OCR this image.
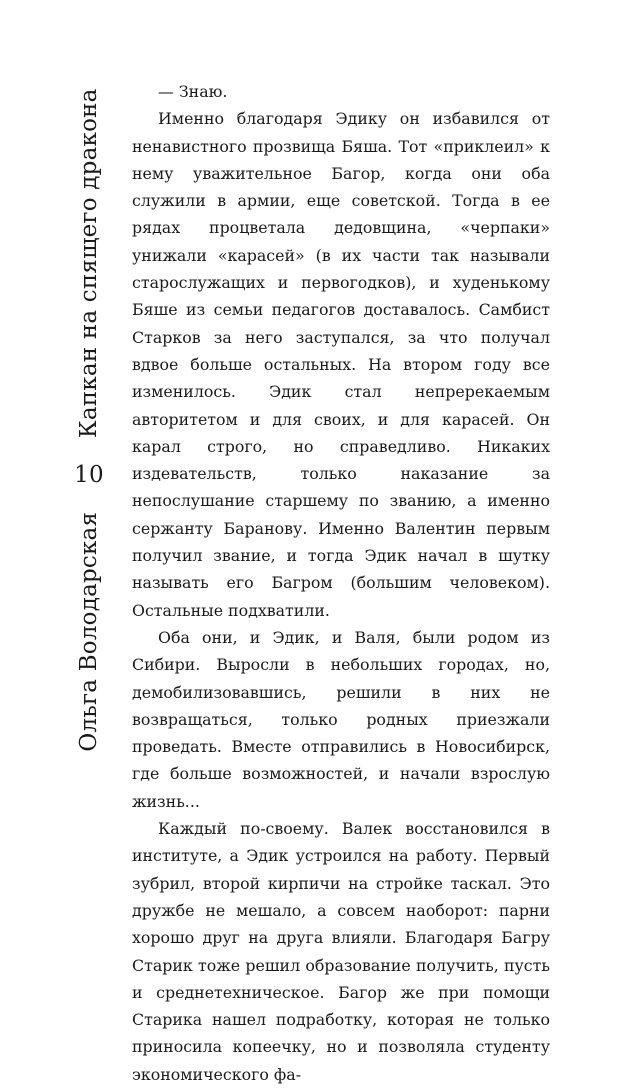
Ольга Володарская
10
Капкан на спящего дракона	— Знаю.

Именно благодаря Эдику он избавился от ненавистного прозвища Бяша. Тот «приклеил» к нему уважительное Багор, когда они оба служили в армии, еще советской. Тогда в ее рядах процветала дедовщина, «черпаки» унижали «карасей» (в их части так называли старослужащих и первогодков), и худенькому Бяше из семьи педагогов доставалось. Самбист Старков за него заступался, за что получал вдвое больше остальных. На втором году все изменилось. Эдик стал непререкаемым авторитетом и для своих, и для карасей. Он карал строго, но справедливо. Никаких издевательств, только наказание за непослушание старшему по званию, а именно сержанту Баранову. Именно Валентин первым получил звание, и тогда Эдик начал в шутку называть его Багром (большим человеком). Остальные подхватили.

Оба они, и Эдик, и Валя, были родом из Сибири. Выросли в небольших городах, но, демобилизовавшись, решили в них не возвращаться, только родных приезжали проведать. Вместе отправились в Новосибирск, где больше возможностей, и начали взрослую жизнь...

Каждый по-своему. Валек восстановился в институте, а Эдик устроился на работу. Первый зубрил, второй кирпичи на стройке таскал. Это дружбе не мешало, а совсем наоборот: парни хорошо друг на друга влияли. Благодаря Багру Старик тоже решил образование получить, пусть и среднетехническое. Багор же при помощи Старика нашел подработку, которая не только приносила копеечку, но и позволяла студенту экономического фа-
